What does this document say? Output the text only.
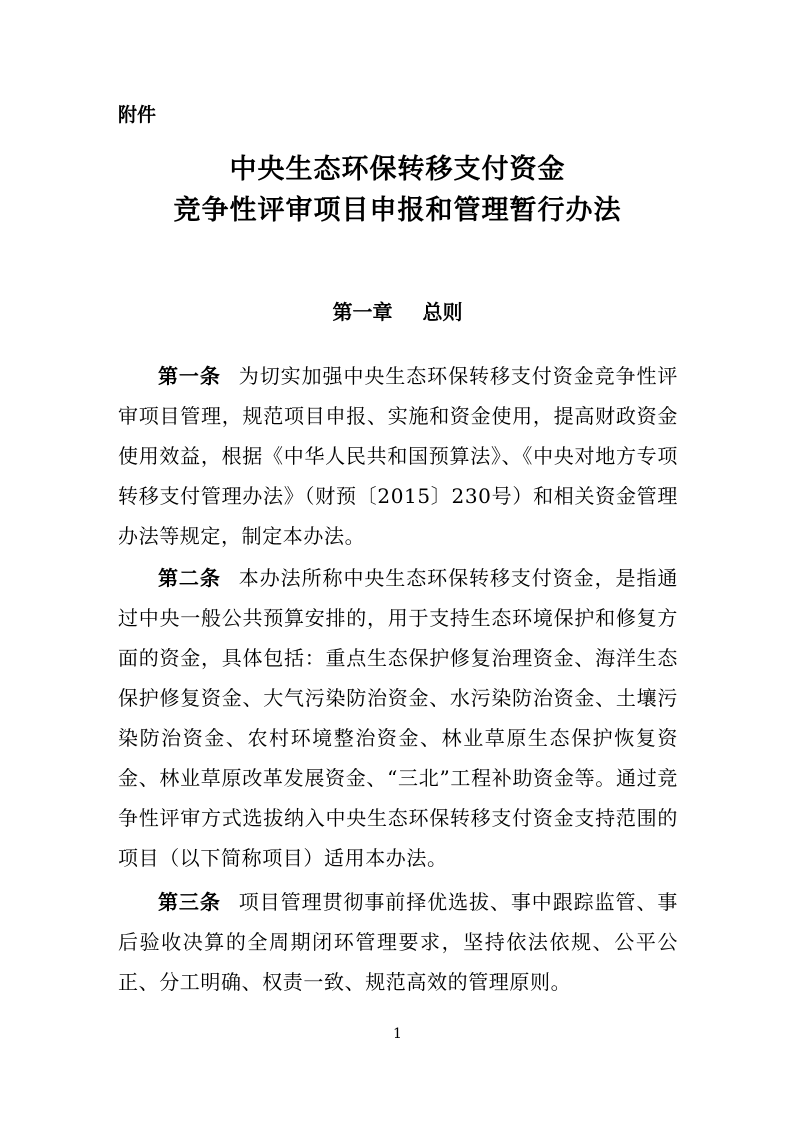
附件
中央生态环保转移支付资金
竞争性评审项目申报和管理暂行办法
第一章 总则
第一条 为切实加强中央生态环保转移支付资金竞争性评审项目管理，规范项目申报、实施和资金使用，提高财政资金使用效益，根据《中华人民共和国预算法》、《中央对地方专项转移支付管理办法》（财预〔2015〕230号）和相关资金管理办法等规定，制定本办法。
第二条 本办法所称中央生态环保转移支付资金，是指通过中央一般公共预算安排的，用于支持生态环境保护和修复方面的资金，具体包括：重点生态保护修复治理资金、海洋生态保护修复资金、大气污染防治资金、水污染防治资金、土壤污染防治资金、农村环境整治资金、林业草原生态保护恢复资金、林业草原改革发展资金、“三北”工程补助资金等。通过竞争性评审方式选拔纳入中央生态环保转移支付资金支持范围的项目（以下简称项目）适用本办法。
第三条 项目管理贯彻事前择优选拔、事中跟踪监管、事后验收决算的全周期闭环管理要求，坚持依法依规、公平公正、分工明确、权责一致、规范高效的管理原则。
1
